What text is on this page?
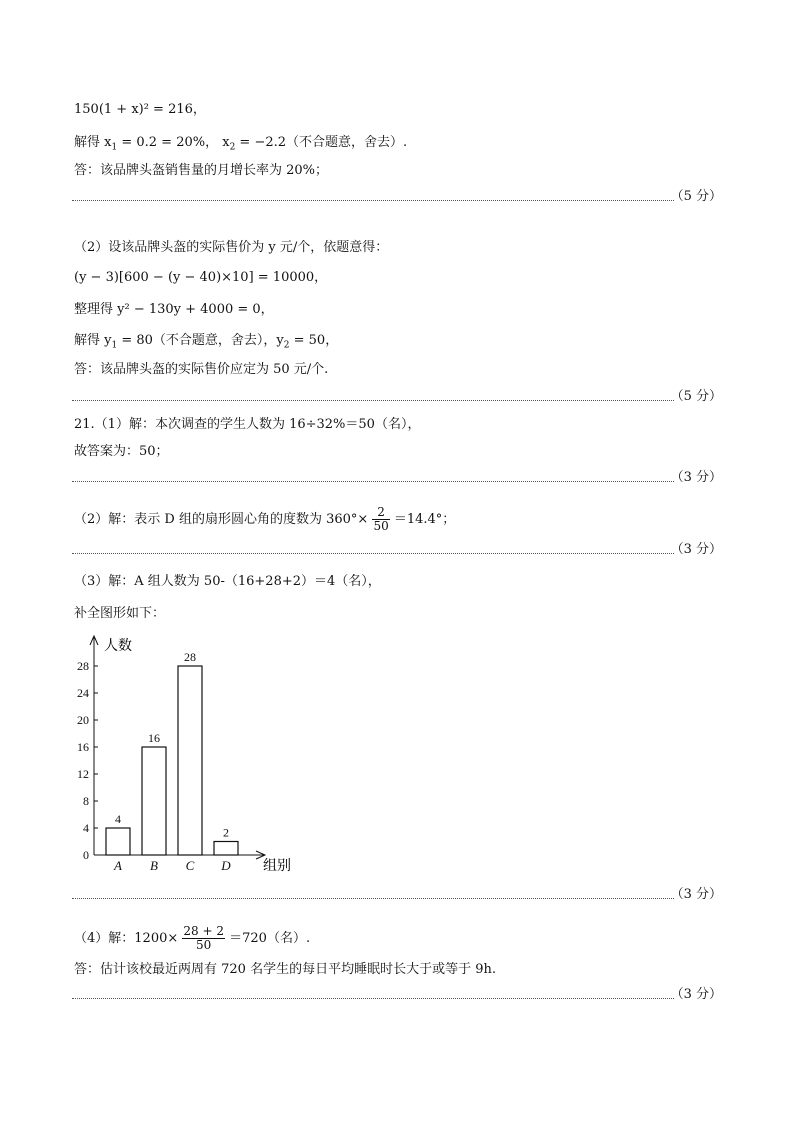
150(1 + x)² = 216，
解得 $x_1 = 0.2 = 20\%$， $x_2 = -2.2$（不合题意，舍去）.
答：该品牌头盔销售量的月增长率为 20%；
（5 分）
（2）设该品牌头盔的实际售价为 y 元/个，依题意得：
(y − 3)[600 − (y − 40)×10] = 10000，
整理得 y² − 130y + 4000 = 0，
解得 $y_1 = 80$（不合题意，舍去），$y_2 = 50$，
答：该品牌头盔的实际售价应定为 50 元/个.
（5 分）
21.（1）解：本次调查的学生人数为 16÷32%＝50（名），
故答案为：50；
（3 分）
（2）解：表示 D 组的扇形圆心角的度数为 $360^\circ\times \frac{2}{50} =14.4^\circ$；
（3 分）
（3）解：A 组人数为 50-（16+28+2）＝4（名），
补全图形如下：
人数
组别
0
4
8
12
16
20
24
28
4
A
16
B
28
C
2
D
（3 分）
（4）解：$1200\times \frac{28 + 2}{50} =720$（名）.
答：估计该校最近两周有 720 名学生的每日平均睡眠时长大于或等于 9h.
（3 分）
